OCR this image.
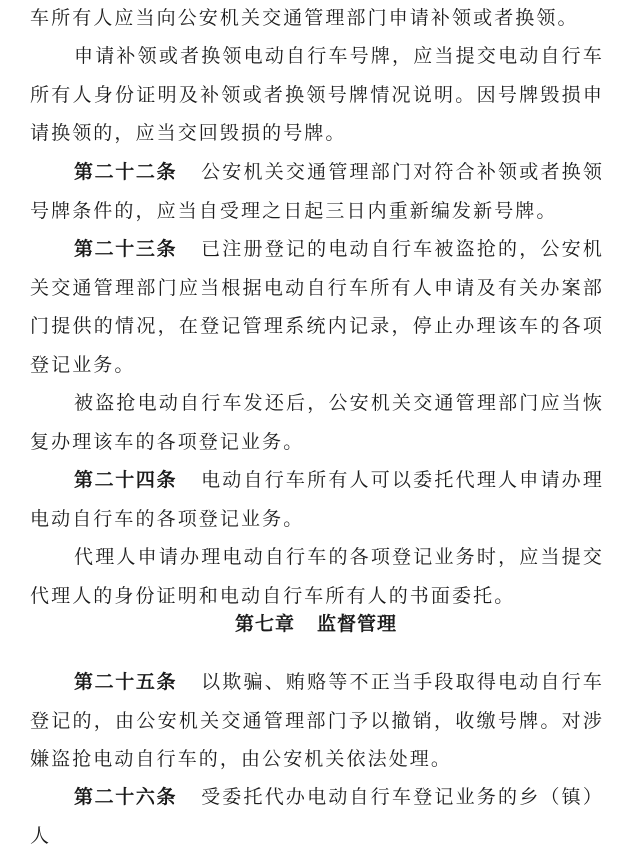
车所有人应当向公安机关交通管理部门申请补领或者换领。

申请补领或者换领电动自行车号牌，应当提交电动自行车所有人身份证明及补领或者换领号牌情况说明。因号牌毁损申请换领的，应当交回毁损的号牌。

第二十二条 公安机关交通管理部门对符合补领或者换领号牌条件的，应当自受理之日起三日内重新编发新号牌。

第二十三条 已注册登记的电动自行车被盗抢的，公安机关交通管理部门应当根据电动自行车所有人申请及有关办案部门提供的情况，在登记管理系统内记录，停止办理该车的各项登记业务。

被盗抢电动自行车发还后，公安机关交通管理部门应当恢复办理该车的各项登记业务。

第二十四条 电动自行车所有人可以委托代理人申请办理电动自行车的各项登记业务。

代理人申请办理电动自行车的各项登记业务时，应当提交代理人的身份证明和电动自行车所有人的书面委托。

第七章 监督管理

第二十五条 以欺骗、贿赂等不正当手段取得电动自行车登记的，由公安机关交通管理部门予以撤销，收缴号牌。对涉嫌盗抢电动自行车的，由公安机关依法处理。

第二十六条 受委托代办电动自行车登记业务的乡（镇）人
